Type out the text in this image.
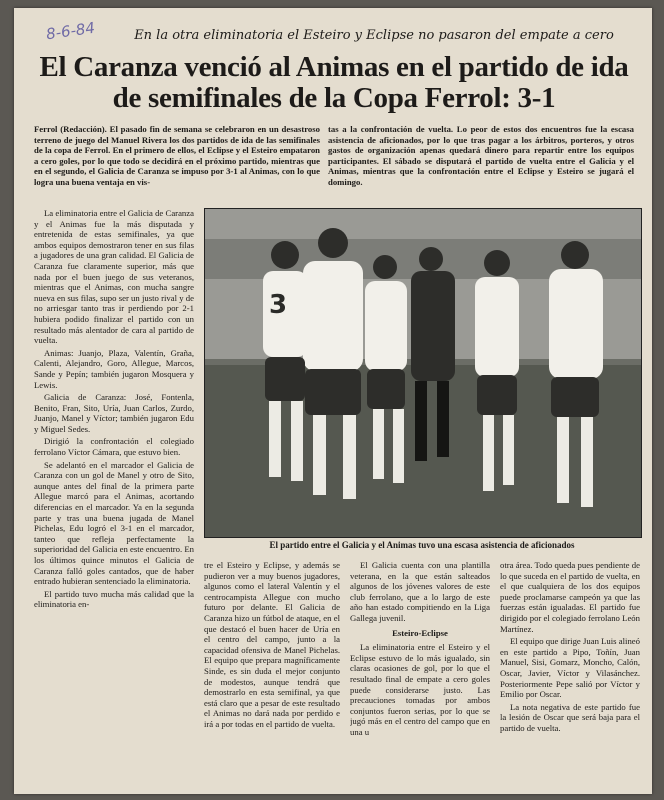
8-6-84	En la otra eliminatoria el Esteiro y Eclipse no pasaron del empate a cero
El Caranza venció al Animas en el partido de ida de semifinales de la Copa Ferrol: 3-1
Ferrol (Redacción). El pasado fin de semana se celebraron en un desastroso terreno de juego del Manuel Rivera los dos partidos de ida de las semifinales de la copa de Ferrol. En el primero de ellos, el Eclipse y el Esteiro empataron a cero goles, por lo que todo se decidirá en el próximo partido, mientras que en el segundo, el Galicia de Caranza se impuso por 3-1 al Animas, con lo que logra una buena ventaja en vis-
tas a la confrontación de vuelta. Lo peor de estos dos encuentros fue la escasa asistencia de aficionados, por lo que tras pagar a los árbitros, porteros, y otros gastos de organización apenas quedará dinero para repartir entre los equipos participantes. El sábado se disputará el partido de vuelta entre el Galicia y el Animas, mientras que la confrontación entre el Eclipse y Esteiro se jugará el domingo.

La eliminatoria entre el Galicia de Caranza y el Animas fue la más disputada y entretenida de estas semifinales, ya que ambos equipos demostraron tener en sus filas a jugadores de una gran calidad. El Galicia de Caranza fue claramente superior, más que nada por el buen juego de sus veteranos, mientras que el Animas, con mucha sangre nueva en sus filas, supo ser un justo rival y de no arriesgar tanto tras ir perdiendo por 2-1 hubiera podido finalizar el partido con un resultado más alentador de cara al partido de vuelta.

Animas: Juanjo, Plaza, Valentín, Graña, Calenti, Alejandro, Goro, Allegue, Marcos, Sande y Pepín; también jugaron Mosquera y Lewis.

Galicia de Caranza: José, Fontenla, Benito, Fran, Sito, Uría, Juan Carlos, Zurdo, Juanjo, Manel y Víctor; también jugaron Edu y Miguel Sedes.

Dirigió la confrontación el colegiado ferrolano Víctor Cámara, que estuvo bien.

Se adelantó en el marcador el Galicia de Caranza con un gol de Manel y otro de Sito, aunque antes del final de la primera parte Allegue marcó para el Animas, acortando diferencias en el marcador. Ya en la segunda parte y tras una buena jugada de Manel Pichelas, Edu logró el 3-1 en el marcador, tanteo que refleja perfectamente la superioridad del Galicia en este encuentro. En los últimos quince minutos el Galicia de Caranza falló goles cantados, que de haber entrado hubieran sentenciado la eliminatoria.

El partido tuvo mucha más calidad que la eliminatoria en-

3
El partido entre el Galicia y el Animas tuvo una escasa asistencia de aficionados

tre el Esteiro y Eclipse, y además se pudieron ver a muy buenos jugadores, algunos como el lateral Valentín y el centrocampista Allegue con mucho futuro por delante. El Galicia de Caranza hizo un fútbol de ataque, en el que destacó el buen hacer de Uría en el centro del campo, junto a la capacidad ofensiva de Manel Pichelas. El equipo que prepara magníficamente Sinde, es sin duda el mejor conjunto de modestos, aunque tendrá que demostrarlo en esta semifinal, ya que está claro que a pesar de este resultado el Animas no dará nada por perdido e irá a por todas en el partido de vuelta.

El Galicia cuenta con una plantilla veterana, en la que están salteados algunos de los jóvenes valores de este club ferrolano, que a lo largo de este año han estado compitiendo en la Liga Gallega juvenil.

Esteiro-Eclipse

La eliminatoria entre el Esteiro y el Eclipse estuvo de lo más igualado, sin claras ocasiones de gol, por lo que el resultado final de empate a cero goles puede considerarse justo. Las precauciones tomadas por ambos conjuntos fueron serias, por lo que se jugó más en el centro del campo que en una u

otra área. Todo queda pues pendiente de lo que suceda en el partido de vuelta, en el que cualquiera de los dos equipos puede proclamarse campeón ya que las fuerzas están igualadas. El partido fue dirigido por el colegiado ferrolano León Martínez.

El equipo que dirige Juan Luis alineó en este partido a Pipo, Toñín, Juan Manuel, Sisi, Gomarz, Moncho, Calón, Oscar, Javier, Víctor y Vilasánchez. Posteriormente Pepe salió por Víctor y Emilio por Oscar.

La nota negativa de este partido fue la lesión de Oscar que será baja para el partido de vuelta.
